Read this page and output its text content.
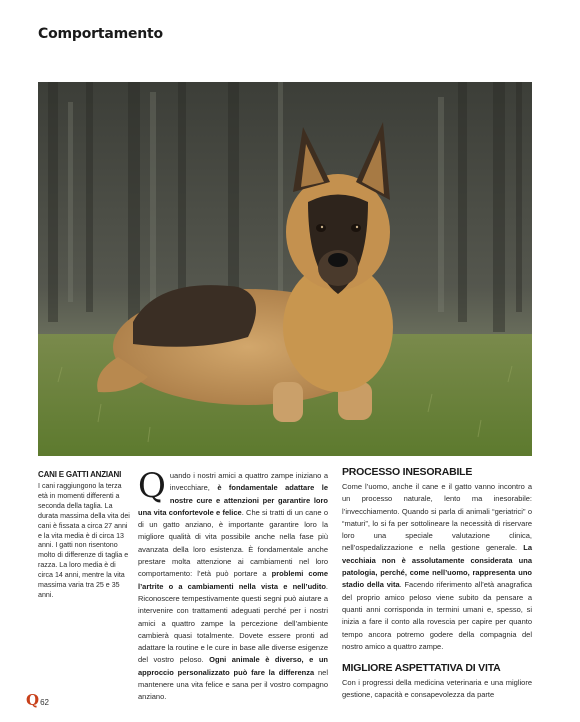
Comportamento
CANI E GATTI ANZIANI
I cani raggiungono la terza età in momenti differenti a seconda della taglia. La durata massima della vita dei cani è fissata a circa 27 anni e la vita media è di circa 13 anni. I gatti non risentono molto di differenze di taglia e razza. La loro media è di circa 14 anni, mentre la vita massima varia tra 25 e 35 anni.

Quando i nostri amici a quattro zampe iniziano a invecchiare, è fondamentale adattare le nostre cure e attenzioni per garantire loro una vita confortevole e felice. Che si tratti di un cane o di un gatto anziano, è importante garantire loro la migliore qualità di vita possibile anche nella fase più avanzata della loro esistenza. È fondamentale anche prestare molta attenzione ai cambiamenti nel loro comportamento: l’età può portare a problemi come l’artrite o a cambiamenti nella vista e nell’udito. Riconoscere tempestivamente questi segni può aiutare a intervenire con trattamenti adeguati perché per i nostri amici a quattro zampe la percezione dell’ambiente cambierà quasi totalmente. Dovete essere pronti ad adattare la routine e le cure in base alle diverse esigenze del vostro peloso. Ogni animale è diverso, e un approccio personalizzato può fare la differenza nel mantenere una vita felice e sana per il vostro compagno anziano.

PROCESSO INESORABILE

Come l’uomo, anche il cane e il gatto vanno incontro a un processo naturale, lento ma inesorabile: l’invecchiamento. Quando si parla di animali “geriatrici” o “maturi”, lo si fa per sottolineare la necessità di riservare loro una speciale valutazione clinica, nell’ospedalizzazione e nella gestione generale. La vecchiaia non è assolutamente considerata una patologia, perché, come nell’uomo, rappresenta uno stadio della vita. Facendo riferimento all’età anagrafica del proprio amico peloso viene subito da pensare a quanti anni corrisponda in termini umani e, spesso, si inizia a fare il conto alla rovescia per capire per quanto tempo ancora potremo godere della compagnia del nostro amico a quattro zampe.

MIGLIORE ASPETTATIVA DI VITA

Con i progressi della medicina veterinaria e una migliore gestione, capacità e consapevolezza da parte

Q 62
